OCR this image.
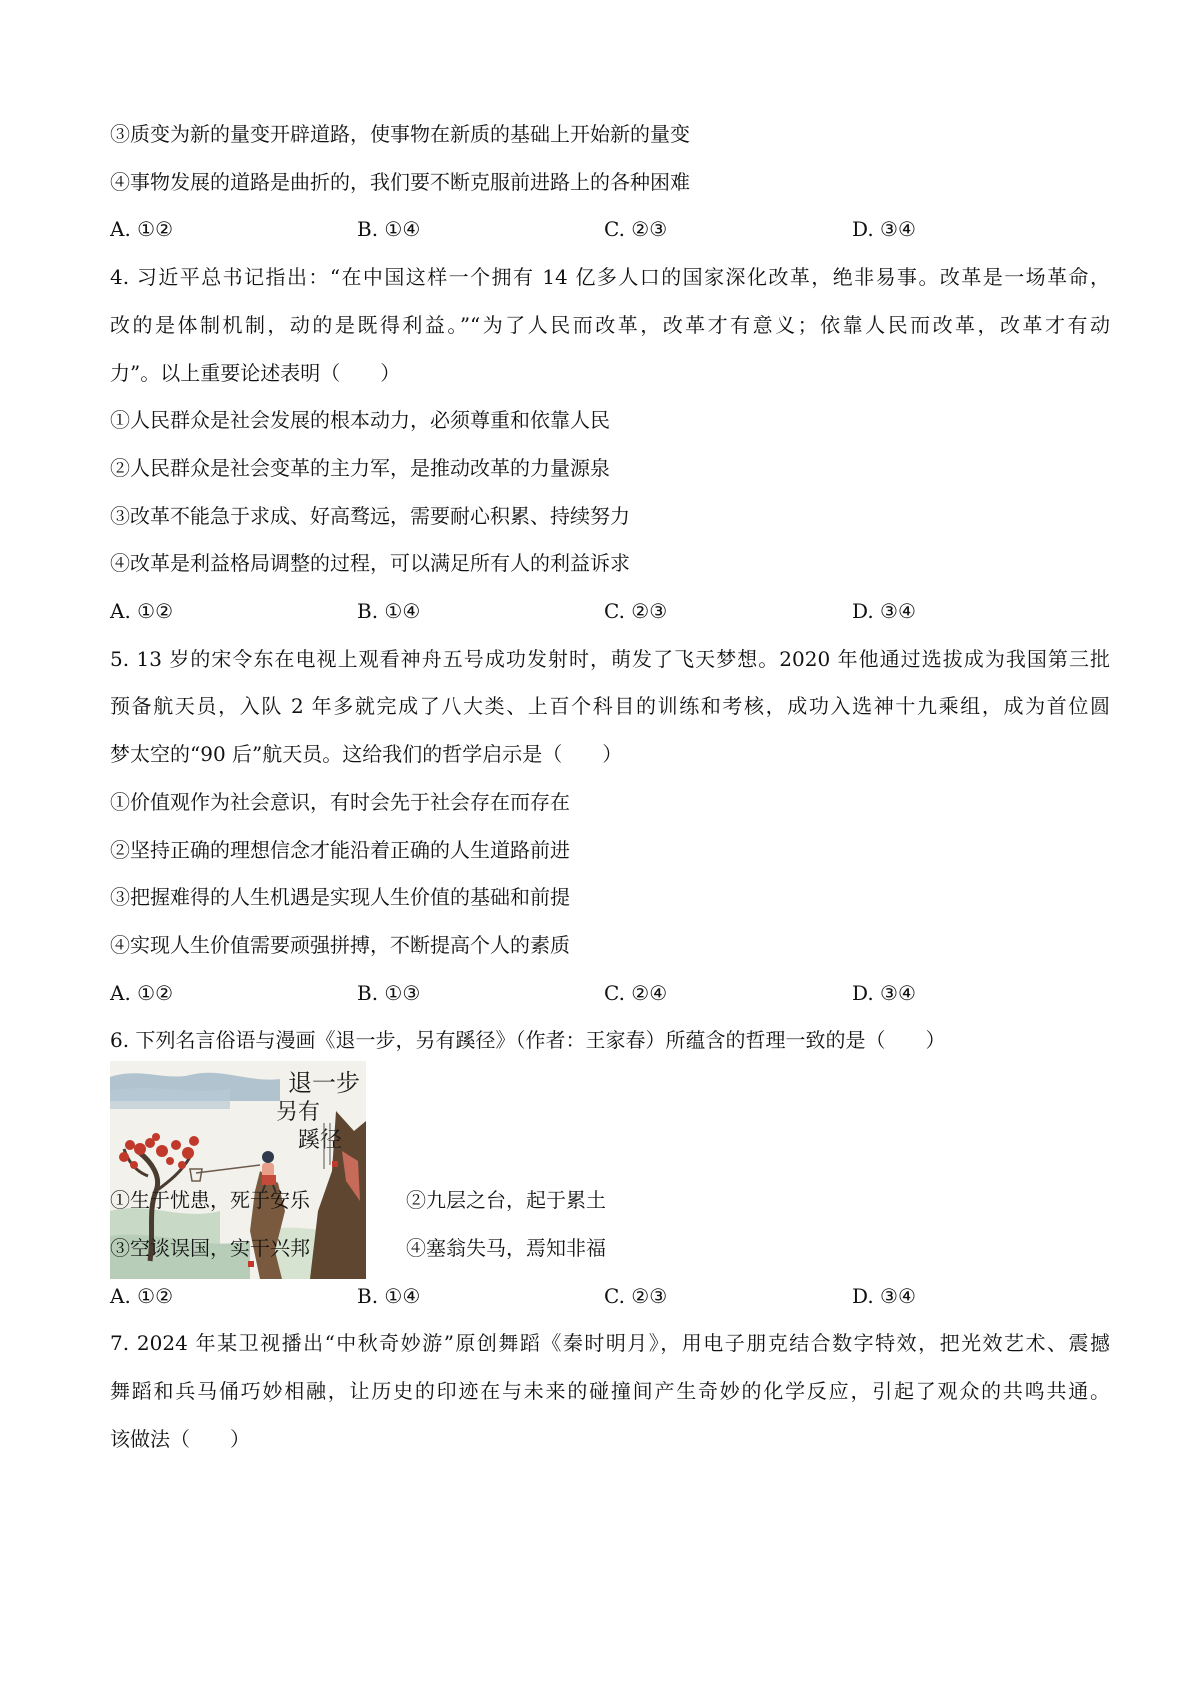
③质变为新的量变开辟道路，使事物在新质的基础上开始新的量变
④事物发展的道路是曲折的，我们要不断克服前进路上的各种困难
A. ①②	B. ①④	C. ②③	D. ③④
4. 习近平总书记指出：“在中国这样一个拥有 14 亿多人口的国家深化改革，绝非易事。改革是一场革命，
改的是体制机制，动的是既得利益。”“为了人民而改革，改革才有意义；依靠人民而改革，改革才有动
力”。以上重要论述表明（　　）
①人民群众是社会发展的根本动力，必须尊重和依靠人民
②人民群众是社会变革的主力军，是推动改革的力量源泉
③改革不能急于求成、好高骛远，需要耐心积累、持续努力
④改革是利益格局调整的过程，可以满足所有人的利益诉求
A. ①②	B. ①④	C. ②③	D. ③④
5. 13 岁的宋令东在电视上观看神舟五号成功发射时，萌发了飞天梦想。2020 年他通过选拔成为我国第三批
预备航天员，入队 2 年多就完成了八大类、上百个科目的训练和考核，成功入选神十九乘组，成为首位圆
梦太空的“90 后”航天员。这给我们的哲学启示是（　　）
①价值观作为社会意识，有时会先于社会存在而存在
②坚持正确的理想信念才能沿着正确的人生道路前进
③把握难得的人生机遇是实现人生价值的基础和前提
④实现人生价值需要顽强拼搏，不断提高个人的素质
A. ①②	B. ①③	C. ②④	D. ③④
6. 下列名言俗语与漫画《退一步，另有蹊径》（作者：王家春）所蕴含的哲理一致的是（　　）
退一步
另有
蹊径
①生于忧患，死于安乐	②九层之台，起于累土
③空谈误国，实干兴邦	④塞翁失马，焉知非福
A. ①②	B. ①④	C. ②③	D. ③④
7. 2024 年某卫视播出“中秋奇妙游”原创舞蹈《秦时明月》，用电子朋克结合数字特效，把光效艺术、震撼
舞蹈和兵马俑巧妙相融，让历史的印迹在与未来的碰撞间产生奇妙的化学反应，引起了观众的共鸣共通。
该做法（　　）
